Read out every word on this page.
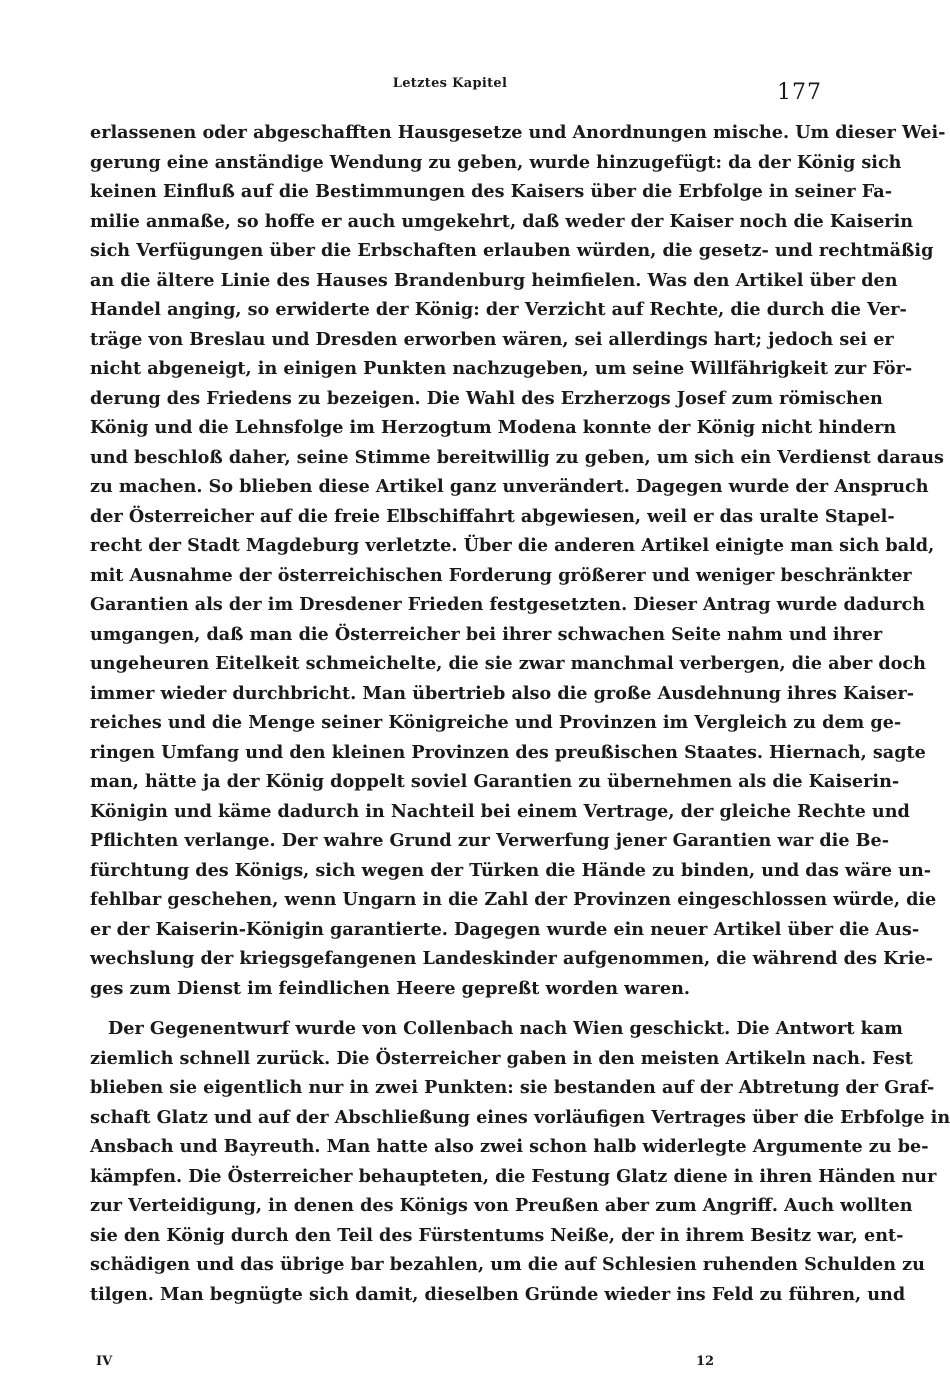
Letztes Kapitel	177
erlassenen oder abgeschafften Hausgesetze und Anordnungen mische. Um dieser Wei-
gerung eine anständige Wendung zu geben, wurde hinzugefügt: da der König sich
keinen Einfluß auf die Bestimmungen des Kaisers über die Erbfolge in seiner Fa-
milie anmaße, so hoffe er auch umgekehrt, daß weder der Kaiser noch die Kaiserin
sich Verfügungen über die Erbschaften erlauben würden, die gesetz- und rechtmäßig
an die ältere Linie des Hauses Brandenburg heimfielen. Was den Artikel über den
Handel anging, so erwiderte der König: der Verzicht auf Rechte, die durch die Ver-
träge von Breslau und Dresden erworben wären, sei allerdings hart; jedoch sei er
nicht abgeneigt, in einigen Punkten nachzugeben, um seine Willfährigkeit zur För-
derung des Friedens zu bezeigen. Die Wahl des Erzherzogs Josef zum römischen
König und die Lehnsfolge im Herzogtum Modena konnte der König nicht hindern
und beschloß daher, seine Stimme bereitwillig zu geben, um sich ein Verdienst daraus
zu machen. So blieben diese Artikel ganz unverändert. Dagegen wurde der Anspruch
der Österreicher auf die freie Elbschiffahrt abgewiesen, weil er das uralte Stapel-
recht der Stadt Magdeburg verletzte. Über die anderen Artikel einigte man sich bald,
mit Ausnahme der österreichischen Forderung größerer und weniger beschränkter
Garantien als der im Dresdener Frieden festgesetzten. Dieser Antrag wurde dadurch
umgangen, daß man die Österreicher bei ihrer schwachen Seite nahm und ihrer
ungeheuren Eitelkeit schmeichelte, die sie zwar manchmal verbergen, die aber doch
immer wieder durchbricht. Man übertrieb also die große Ausdehnung ihres Kaiser-
reiches und die Menge seiner Königreiche und Provinzen im Vergleich zu dem ge-
ringen Umfang und den kleinen Provinzen des preußischen Staates. Hiernach, sagte
man, hätte ja der König doppelt soviel Garantien zu übernehmen als die Kaiserin-
Königin und käme dadurch in Nachteil bei einem Vertrage, der gleiche Rechte und
Pflichten verlange. Der wahre Grund zur Verwerfung jener Garantien war die Be-
fürchtung des Königs, sich wegen der Türken die Hände zu binden, und das wäre un-
fehlbar geschehen, wenn Ungarn in die Zahl der Provinzen eingeschlossen würde, die
er der Kaiserin-Königin garantierte. Dagegen wurde ein neuer Artikel über die Aus-
wechslung der kriegsgefangenen Landeskinder aufgenommen, die während des Krie-
ges zum Dienst im feindlichen Heere gepreßt worden waren.
Der Gegenentwurf wurde von Collenbach nach Wien geschickt. Die Antwort kam
ziemlich schnell zurück. Die Österreicher gaben in den meisten Artikeln nach. Fest
blieben sie eigentlich nur in zwei Punkten: sie bestanden auf der Abtretung der Graf-
schaft Glatz und auf der Abschließung eines vorläufigen Vertrages über die Erbfolge in
Ansbach und Bayreuth. Man hatte also zwei schon halb widerlegte Argumente zu be-
kämpfen. Die Österreicher behaupteten, die Festung Glatz diene in ihren Händen nur
zur Verteidigung, in denen des Königs von Preußen aber zum Angriff. Auch wollten
sie den König durch den Teil des Fürstentums Neiße, der in ihrem Besitz war, ent-
schädigen und das übrige bar bezahlen, um die auf Schlesien ruhenden Schulden zu
tilgen. Man begnügte sich damit, dieselben Gründe wieder ins Feld zu führen, und
IV	12
